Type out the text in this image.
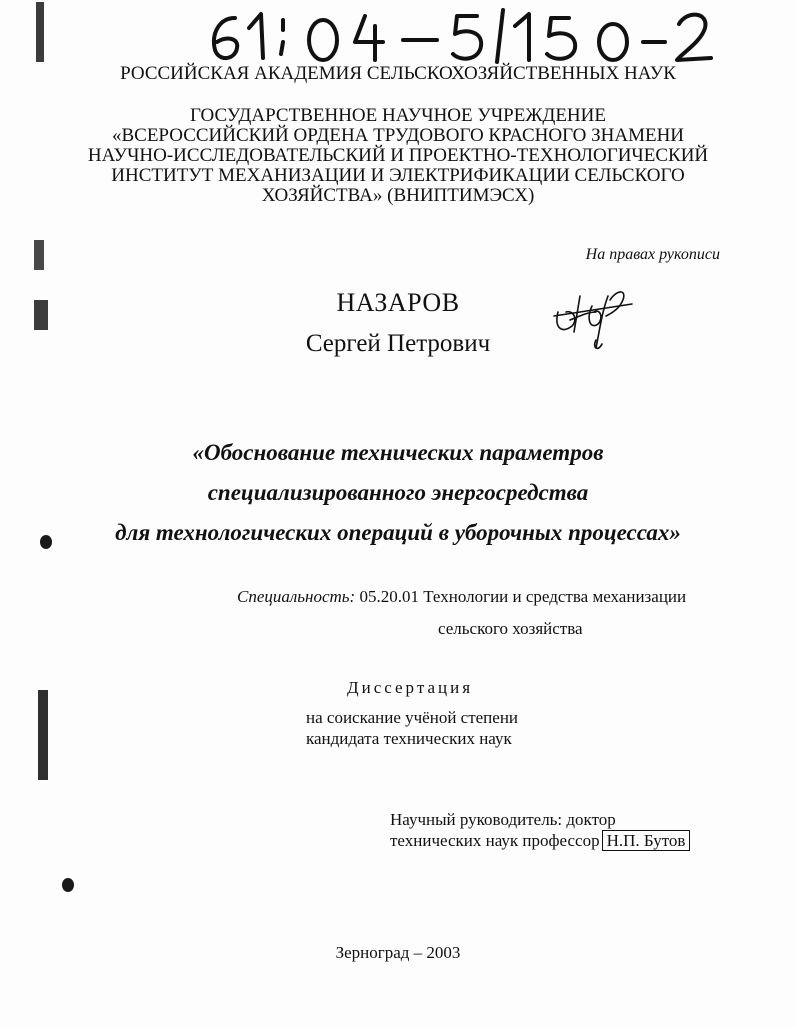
РОССИЙСКАЯ АКАДЕМИЯ СЕЛЬСКОХОЗЯЙСТВЕННЫХ НАУК
ГОСУДАРСТВЕННОЕ НАУЧНОЕ УЧРЕЖДЕНИЕ
«ВСЕРОССИЙСКИЙ ОРДЕНА ТРУДОВОГО КРАСНОГО ЗНАМЕНИ
НАУЧНО-ИССЛЕДОВАТЕЛЬСКИЙ И ПРОЕКТНО-ТЕХНОЛОГИЧЕСКИЙ
ИНСТИТУТ МЕХАНИЗАЦИИ И ЭЛЕКТРИФИКАЦИИ СЕЛЬСКОГО
ХОЗЯЙСТВА» (ВНИПТИМЭСХ)
На правах рукописи
НАЗАРОВ
Сергей Петрович
«Обоснование технических параметров
специализированного энергосредства
для технологических операций в уборочных процессах»
Специальность: 05.20.01 Технологии и средства механизации
сельского хозяйства
Диссертация
на соискание учёной степени
кандидата технических наук
Научный руководитель: доктор
технических наук профессор Н.П. Бутов
Зерноград – 2003
